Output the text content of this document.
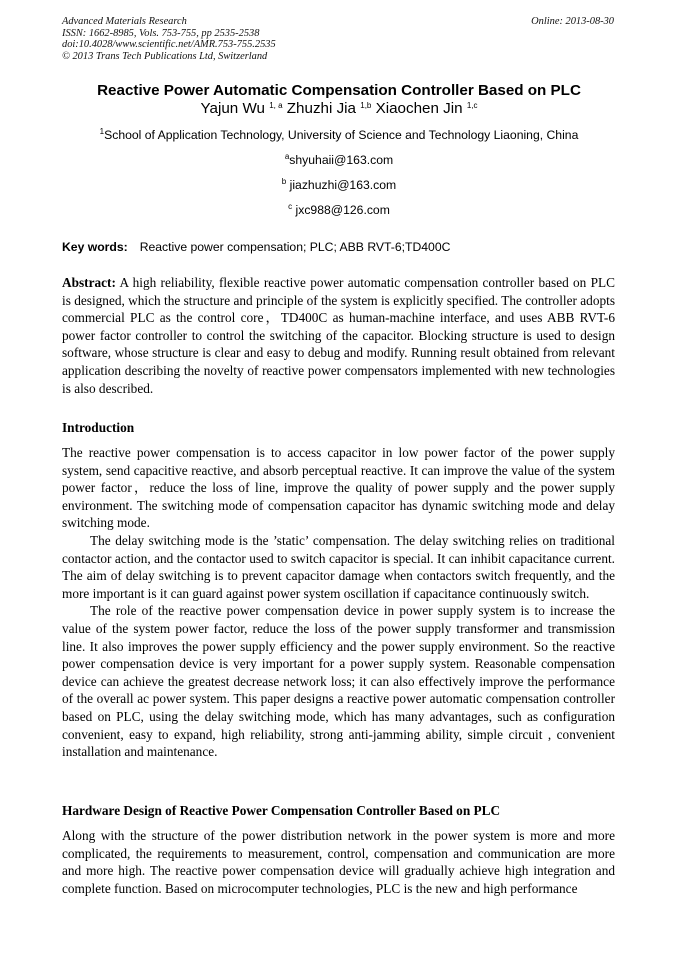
Advanced Materials Research
ISSN: 1662-8985, Vols. 753-755, pp 2535-2538
doi:10.4028/www.scientific.net/AMR.753-755.2535
© 2013 Trans Tech Publications Ltd, Switzerland
Online: 2013-08-30
Reactive Power Automatic Compensation Controller Based on PLC
Yajun Wu $^{1, a}$ Zhuzhi Jia $^{1,b}$ Xiaochen Jin $^{1,c}$
$^1$School of Application Technology, University of Science and Technology Liaoning, China
$^a$shyuhaii@163.com
$^b$ jiazhuzhi@163.com
$^c$ jxc988@126.com
Key words: Reactive power compensation; PLC; ABB RVT-6;TD400C

Abstract: A high reliability, flexible reactive power automatic compensation controller based on PLC is designed, which the structure and principle of the system is explicitly specified. The controller adopts commercial PLC as the control core，TD400C as human-machine interface, and uses ABB RVT-6 power factor controller to control the switching of the capacitor. Blocking structure is used to design software, whose structure is clear and easy to debug and modify. Running result obtained from relevant application describing the novelty of reactive power compensators implemented with new technologies is also described.

Introduction

The reactive power compensation is to access capacitor in low power factor of the power supply system, send capacitive reactive, and absorb perceptual reactive. It can improve the value of the system power factor，reduce the loss of line, improve the quality of power supply and the power supply environment. The switching mode of compensation capacitor has dynamic switching mode and delay switching mode.

The delay switching mode is the ’static’ compensation. The delay switching relies on traditional contactor action, and the contactor used to switch capacitor is special. It can inhibit capacitance current. The aim of delay switching is to prevent capacitor damage when contactors switch frequently, and the more important is it can guard against power system oscillation if capacitance continuously switch.

The role of the reactive power compensation device in power supply system is to increase the value of the system power factor, reduce the loss of the power supply transformer and transmission line. It also improves the power supply efficiency and the power supply environment. So the reactive power compensation device is very important for a power supply system. Reasonable compensation device can achieve the greatest decrease network loss; it can also effectively improve the performance of the overall ac power system. This paper designs a reactive power automatic compensation controller based on PLC, using the delay switching mode, which has many advantages, such as configuration convenient, easy to expand, high reliability, strong anti-jamming ability, simple circuit , convenient installation and maintenance.

Hardware Design of Reactive Power Compensation Controller Based on PLC

Along with the structure of the power distribution network in the power system is more and more complicated, the requirements to measurement, control, compensation and communication are more and more high. The reactive power compensation device will gradually achieve high integration and complete function. Based on microcomputer technologies, PLC is the new and high performance
